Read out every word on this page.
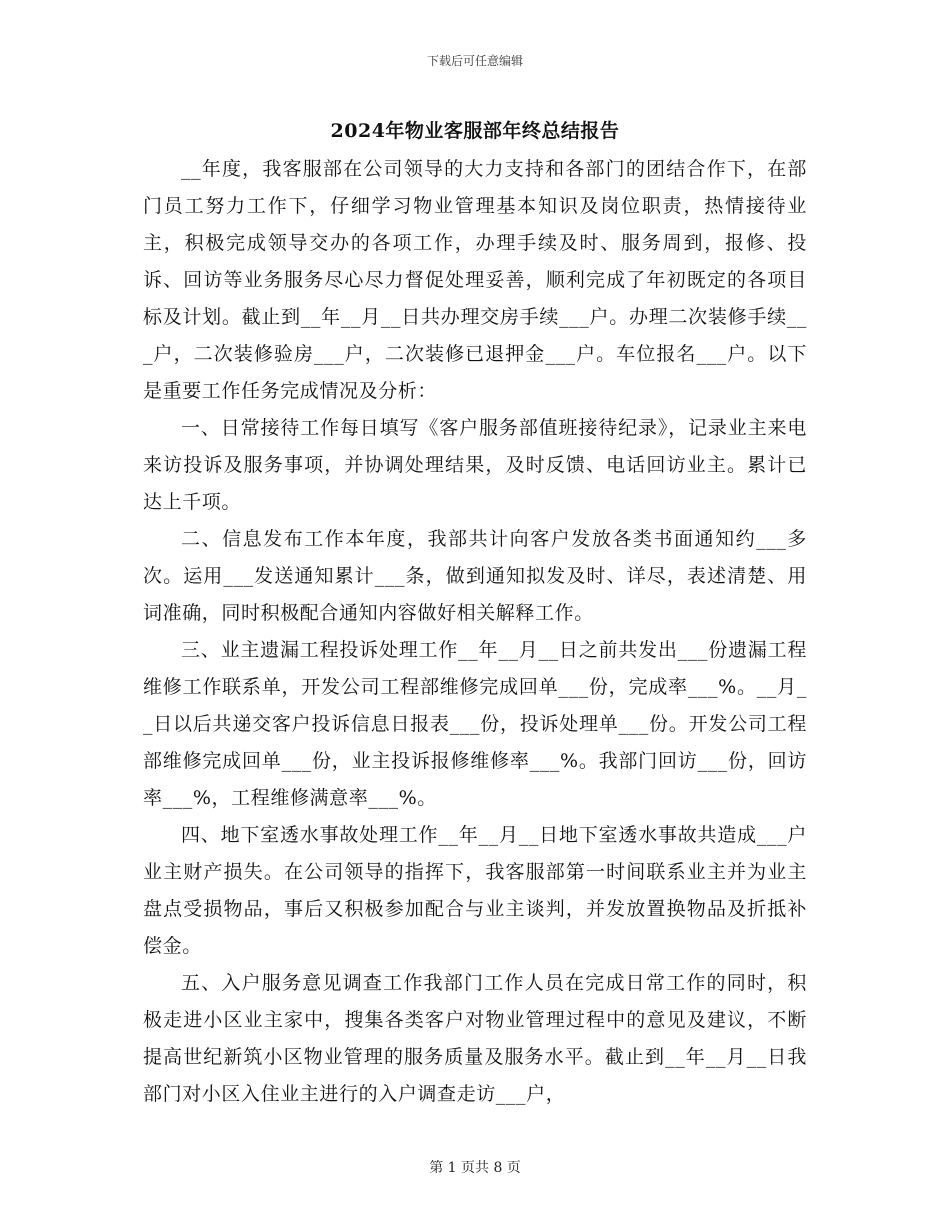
下载后可任意编辑
2024年物业客服部年终总结报告

__年度，我客服部在公司领导的大力支持和各部门的团结合作下，在部门员工努力工作下，仔细学习物业管理基本知识及岗位职责，热情接待业主，积极完成领导交办的各项工作，办理手续及时、服务周到，报修、投诉、回访等业务服务尽心尽力督促处理妥善，顺利完成了年初既定的各项目标及计划。截止到__年__月__日共办理交房手续___户。办理二次装修手续___户，二次装修验房___户，二次装修已退押金___户。车位报名___户。以下是重要工作任务完成情况及分析：

一、日常接待工作每日填写《客户服务部值班接待纪录》，记录业主来电来访投诉及服务事项，并协调处理结果，及时反馈、电话回访业主。累计已达上千项。

二、信息发布工作本年度，我部共计向客户发放各类书面通知约___多次。运用___发送通知累计___条，做到通知拟发及时、详尽，表述清楚、用词准确，同时积极配合通知内容做好相关解释工作。

三、业主遗漏工程投诉处理工作__年__月__日之前共发出___份遗漏工程维修工作联系单，开发公司工程部维修完成回单___份，完成率___%。__月__日以后共递交客户投诉信息日报表___份，投诉处理单___份。开发公司工程部维修完成回单___份，业主投诉报修维修率___%。我部门回访___份，回访率___%，工程维修满意率___%。

四、地下室透水事故处理工作__年__月__日地下室透水事故共造成___户业主财产损失。在公司领导的指挥下，我客服部第一时间联系业主并为业主盘点受损物品，事后又积极参加配合与业主谈判，并发放置换物品及折抵补偿金。

五、入户服务意见调查工作我部门工作人员在完成日常工作的同时，积极走进小区业主家中，搜集各类客户对物业管理过程中的意见及建议，不断提高世纪新筑小区物业管理的服务质量及服务水平。截止到__年__月__日我部门对小区入住业主进行的入户调查走访___户，

第 1 页共 8 页
